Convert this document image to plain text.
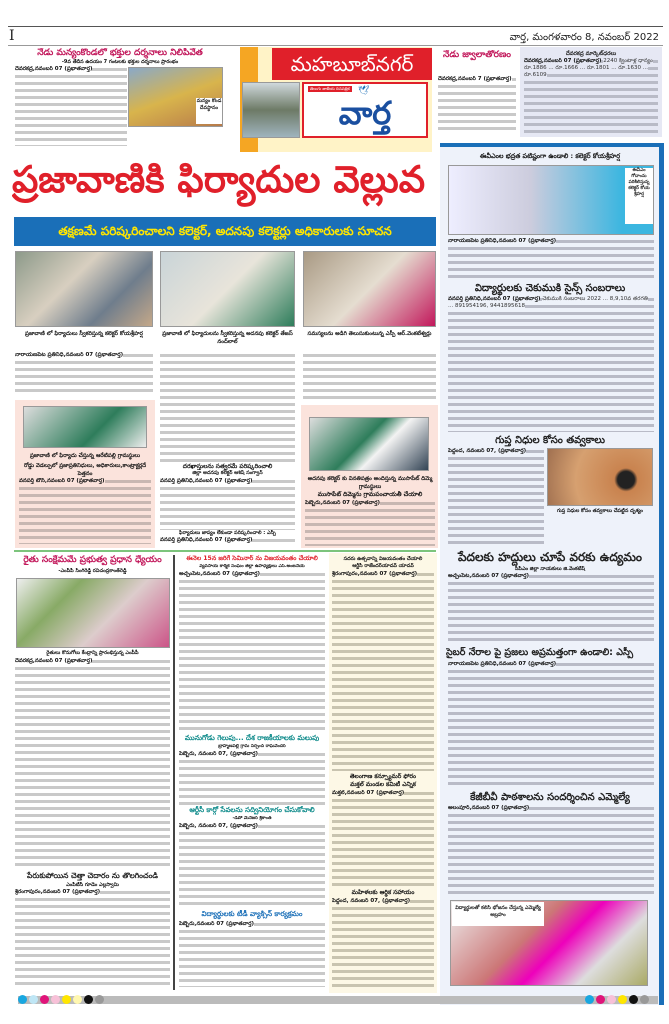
I	వార్త, మంగళవారం 8, నవంబర్ 2022
నేడు మన్యంకొండలో భక్తుల దర్శనాలు నిలిపివేత
-9వ తేదీన ఉదయం 7 గంటలకు భక్తుల దర్శనాలు ప్రారంభం
దేవరకద్ర,నవంబర్ 07 (ప్రభాతవార్త)
మన్యం కొండ దేవస్థానం
మహబూబ్‌నగర్
తెలుగు జాతీయ దినపత్రిక 🕊
వార్త
నేడు జ్వాలాతోరణం
దేవరకద్ర,నవంబర్ 7 (ప్రభాతవార్త)
దేవరకద్ర మార్కెట్‌ధరలు
దేవరకద్ర,నవంబర్ 07 (ప్రభాతవార్త) 2240 క్వింటాళ్ల ధాన్యం రూ.1886 ... రూ.1666 ... రూ.1801 ... రూ.1630 ... రూ.6109
ప్రజావాణికి ఫిర్యాదుల వెల్లువ
తక్షణమే పరిష్కరించాలని కలెక్టర్, అదనపు కలెక్టర్లు అధికారులకు సూచన
ప్రజావాణి లో ఫిర్యాదులు స్వీకరిస్తున్న కలెక్టర్ కోయశ్రీహర్ష	ప్రజావాణి లో ఫిర్యాదులను స్వీకరిస్తున్న అదనపు కలెక్టర్ తేజస్ నంద్‌లాల్
సమస్యలను అడిగి తెలుసుకుంటున్న ఎస్పీ ఆర్.వెంకటేశ్వర్లు
నారాయణపేట ప్రతినిధి,నవంబర్ 07 (ప్రభాతవార్త)
ప్రజావాణి లో ఫిర్యాదు చేస్తున్న ఆరేటిపల్లి గ్రామస్థులు
రోడ్డు వెడల్పులో ప్రజాప్రతినిధులు, అధికారులు,కాంట్రాక్టర్లదే పెత్తనం
వనపర్తి టౌన్,నవంబర్ 07 (ప్రభాతవార్త)
దరఖాస్తులను సత్వరమే పరిష్కరించాలి
జిల్లా అదనపు కలెక్టర్ ఆశిష్ సంగ్వాన్
వనపర్తి ప్రతినిధి,నవంబర్ 07 (ప్రభాతవార్త)
ఫిర్యాదులు జాప్యం లేకుండా పరిష్కరించాలి : ఎస్పీ
వనపర్తి ప్రతినిధి,నవంబర్ 07 (ప్రభాతవార్త)
అదనపు కలెక్టర్ కు వినతిపత్రం అందిస్తున్న ముసాపేట్ దిమ్మె గ్రామస్థులు
ముసాపేట్ దిమ్మెను గ్రామపంచాయతీ చేయాలి
పెబ్బేరు,నవంబర్ 07 (ప్రభాతవార్త)
ఈవీఎంల భద్రత పటిష్టంగా ఉండాలి : కలెక్టర్ కోయశ్రీహర్ష
ఈవీఎం గోదాంను పరిశీలిస్తున్న కలెక్టర్ కోయ శ్రీహర్ష
నారాయణపేట ప్రతినిధి,నవంబర్ 07 (ప్రభాతవార్త)
విద్యార్థులకు చెకుముకి సైన్స్ సంబరాలు
వనపర్తి ప్రతినిధి,నవంబర్ 07 (ప్రభాతవార్త) చెకుముకి సంబరాలు 2022 ... 8,9,10వ తరగతి ... 8919541​96, 9441895618
గుప్త నిధుల కోసం తవ్వకాలు
పెద్దంద, నవంబర్ 07, (ప్రభాతవార్త)
గుప్త నిధుల కోసం తవ్వకాలు చేపట్టిన దృశ్యం
పేదలకు హద్దులు చూపే వరకు ఉద్యమం
సీపీఎం జిల్లా నాయకులు జి.వెంకటేష్
అచ్చంపేట,నవంబర్ 07 (ప్రభాతవార్త)
సైబర్ నేరాల పై ప్రజలు అప్రమత్తంగా ఉండాలి: ఎస్పీ
నారాయణపేట ప్రతినిధి,నవంబర్ 07 (ప్రభాతవార్త)
కేజీబీవీ పాఠశాలను సందర్శించిన ఎమ్మెల్యే
అలంపూర్,నవంబర్ 07 (ప్రభాతవార్త)
విద్యార్థులతో కలిసి భోజనం చేస్తున్న ఎమ్మెల్యే అబ్రహం
రైతు సంక్షేమమే ప్రభుత్వ ప్రధాన ధ్యేయం
-ఎంపీపీ సింగిరెడ్డి రవిచంద్రకాంత్‌రెడ్డి
రైతులు కొనుగోలు కేంద్రాన్ని ప్రారంభిస్తున్న ఎంపీపీ
దేవరకద్ర,నవంబర్ 07 (ప్రభాతవార్త)
పేరుకుపోయిన చెత్తా చెదారం ను తొలగించండి
ఎంపీటీసీ గూడెం ఎల్లస్వామి
శ్రీరంగాపురం,నవంబర్ 07 (ప్రభాతవార్త)
ఈనెల 15న జరిగే సెమినార్ ను విజయవంతం చేయాలి
వ్యవసాయ కార్మిక సంఘం జిల్లా ఉపాధ్యక్షులు ఎస్.అంజనేయ
అచ్చంపేట,నవంబర్ 07 (ప్రభాతవార్త)
మునుగోడు గెలుపు... దేశ రాజకీయాలకు మలుపు
బ్రాహ్మణపల్లి గ్రామ సర్పంచ్ రాఘవేందర్
పెబ్బేరు, నవంబర్ 07, (ప్రభాతవార్త)
ఆర్టీసీ కార్గో సేవలను సద్వినియోగం చేసుకోవాలి
-డిపో మేనేజర్ శ్రీకాంత్
పెబ్బేరు, నవంబర్ 07, (ప్రభాతవార్త)
విద్యార్థులకు టీడీ వ్యాక్సిన్ కార్యక్రమం
పెబ్బేరు,నవంబర్ 07 (ప్రభాతవార్త)
సదరు ఉత్సవాన్ని విజయవంతం చేయాలి
ఆర్టీసీ రాజేందర్‌యాదవ్ యాదవ్
శ్రీరంగాపురం,నవంబర్ 07 (ప్రభాతవార్త)
తెలంగాణ కన్స్యూమర్ ఫోరం
మక్తల్ మండల కమిటీ ఎన్నిక
మక్తల్,నవంబర్ 07 (ప్రభాతవార్త)
మహిళలకు ఆర్థిక సహాయం
పెద్దంద, నవంబర్ 07, (ప్రభాతవార్త)
